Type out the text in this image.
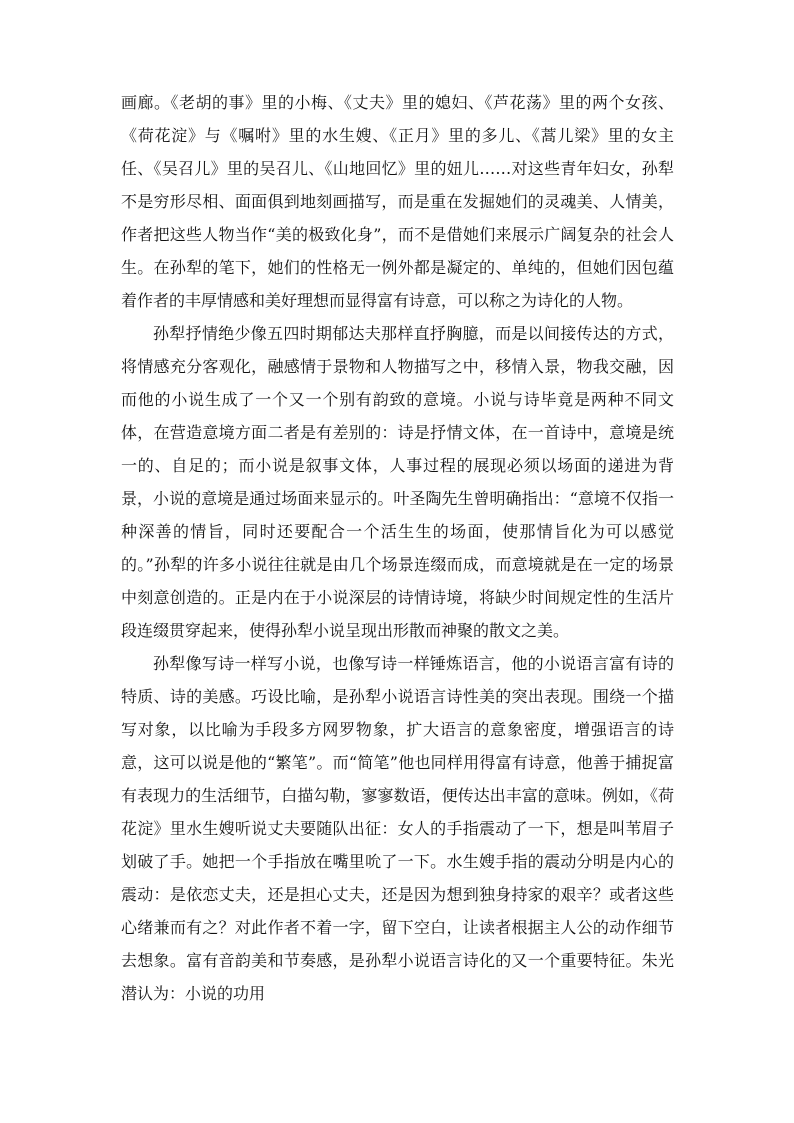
画廊。《老胡的事》里的小梅、《丈夫》里的媳妇、《芦花荡》里的两个女孩、《荷花淀》与《嘱咐》里的水生嫂、《正月》里的多儿、《蒿儿梁》里的女主任、《吴召儿》里的吴召儿、《山地回忆》里的妞儿……对这些青年妇女，孙犁不是穷形尽相、面面俱到地刻画描写，而是重在发掘她们的灵魂美、人情美，作者把这些人物当作“美的极致化身”，而不是借她们来展示广阔复杂的社会人生。在孙犁的笔下，她们的性格无一例外都是凝定的、单纯的，但她们因包蕴着作者的丰厚情感和美好理想而显得富有诗意，可以称之为诗化的人物。

孙犁抒情绝少像五四时期郁达夫那样直抒胸臆，而是以间接传达的方式，将情感充分客观化，融感情于景物和人物描写之中，移情入景，物我交融，因而他的小说生成了一个又一个别有韵致的意境。小说与诗毕竟是两种不同文体，在营造意境方面二者是有差别的：诗是抒情文体，在一首诗中，意境是统一的、自足的；而小说是叙事文体，人事过程的展现必须以场面的递进为背景，小说的意境是通过场面来显示的。叶圣陶先生曾明确指出：“意境不仅指一种深善的情旨，同时还要配合一个活生生的场面，使那情旨化为可以感觉的。”孙犁的许多小说往往就是由几个场景连缀而成，而意境就是在一定的场景中刻意创造的。正是内在于小说深层的诗情诗境，将缺少时间规定性的生活片段连缀贯穿起来，使得孙犁小说呈现出形散而神聚的散文之美。

孙犁像写诗一样写小说，也像写诗一样锤炼语言，他的小说语言富有诗的特质、诗的美感。巧设比喻，是孙犁小说语言诗性美的突出表现。围绕一个描写对象，以比喻为手段多方网罗物象，扩大语言的意象密度，增强语言的诗意，这可以说是他的“繁笔”。而“简笔”他也同样用得富有诗意，他善于捕捉富有表现力的生活细节，白描勾勒，寥寥数语，便传达出丰富的意味。例如，《荷花淀》里水生嫂听说丈夫要随队出征：女人的手指震动了一下，想是叫苇眉子划破了手。她把一个手指放在嘴里吮了一下。水生嫂手指的震动分明是内心的震动：是依恋丈夫，还是担心丈夫，还是因为想到独身持家的艰辛？或者这些心绪兼而有之？对此作者不着一字，留下空白，让读者根据主人公的动作细节去想象。富有音韵美和节奏感，是孙犁小说语言诗化的又一个重要特征。朱光潜认为：小说的功用
